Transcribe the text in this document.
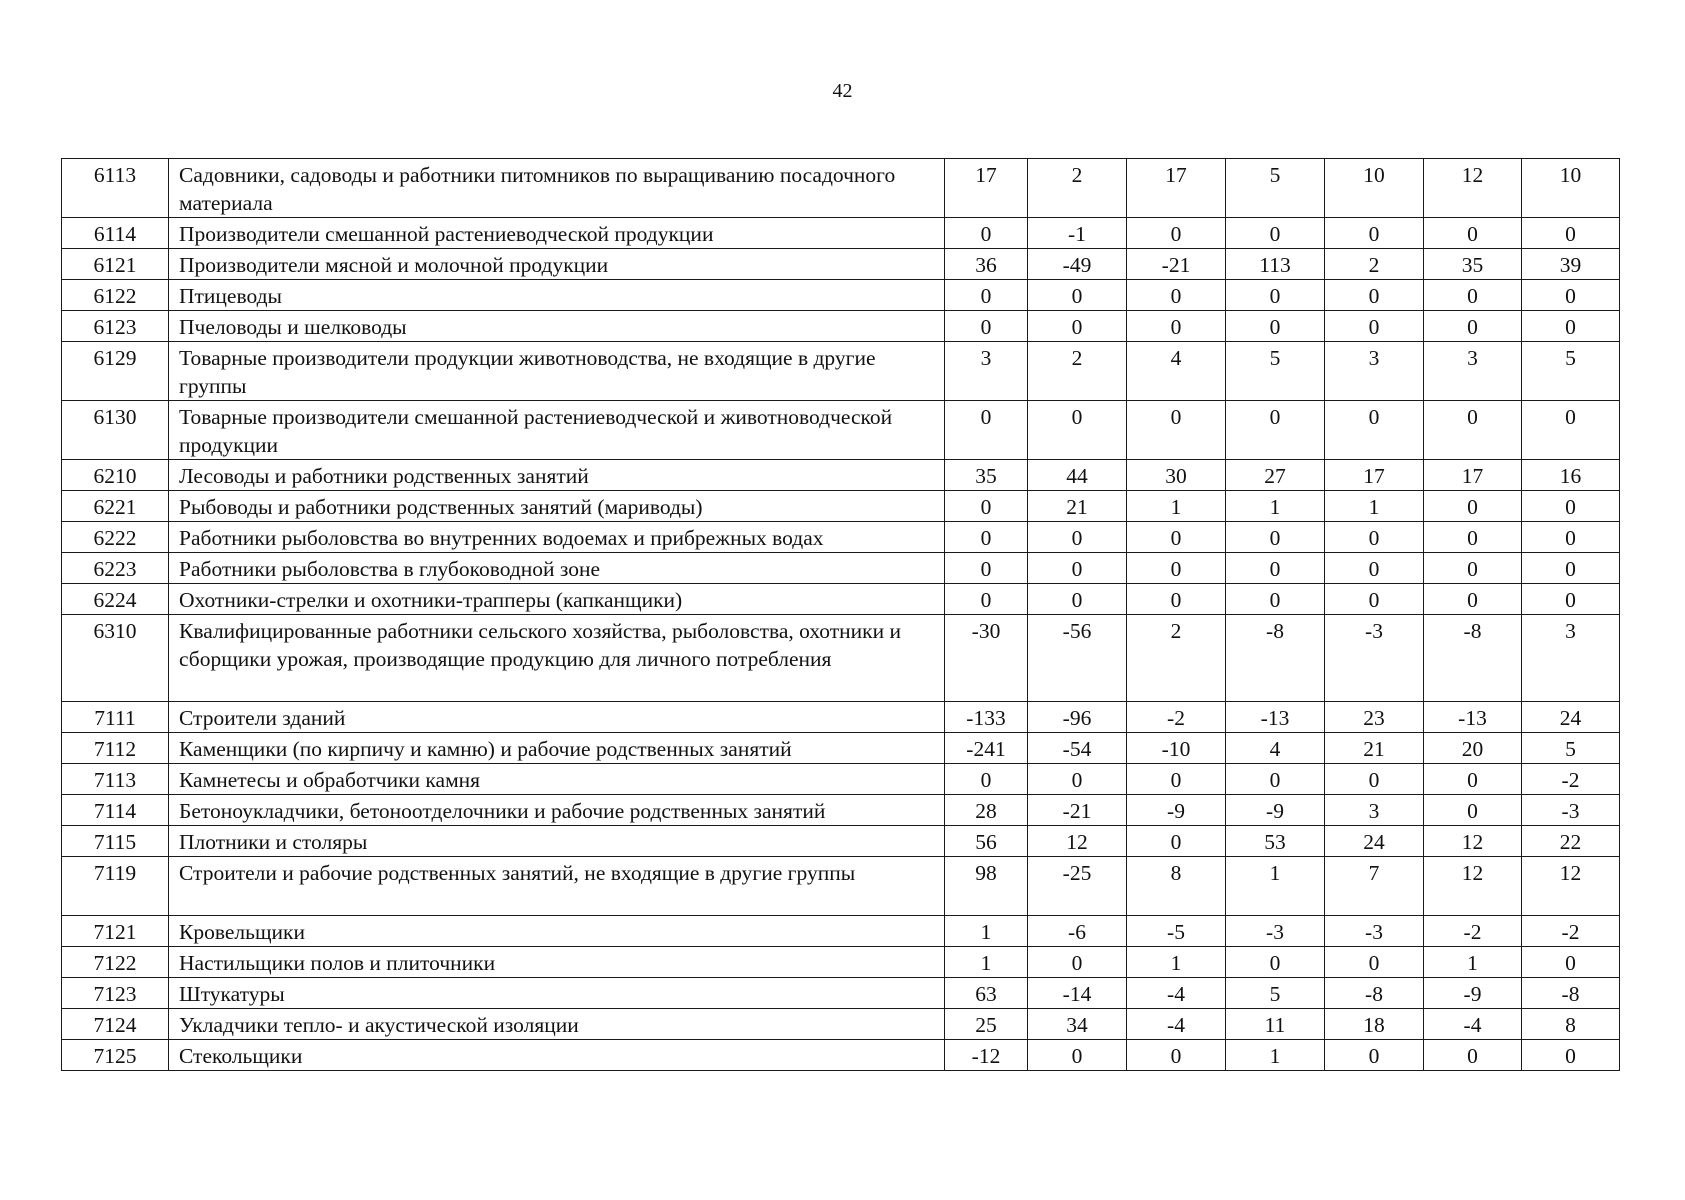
42
6113	Садовники, садоводы и работники питомников по выращиванию посадочного материала	17	2	17	5	10	12	10
6114	Производители смешанной растениеводческой продукции	0	-1	0	0	0	0	0
6121	Производители мясной и молочной продукции	36	-49	-21	113	2	35	39
6122	Птицеводы	0	0	0	0	0	0	0
6123	Пчеловоды и шелководы	0	0	0	0	0	0	0
6129	Товарные производители продукции животноводства, не входящие в другие группы	3	2	4	5	3	3	5
6130	Товарные производители смешанной растениеводческой и животноводческой продукции	0	0	0	0	0	0	0
6210	Лесоводы и работники родственных занятий	35	44	30	27	17	17	16
6221	Рыбоводы и работники родственных занятий (мариводы)	0	21	1	1	1	0	0
6222	Работники рыболовства во внутренних водоемах и прибрежных водах	0	0	0	0	0	0	0
6223	Работники рыболовства в глубоководной зоне	0	0	0	0	0	0	0
6224	Охотники-стрелки и охотники-трапперы (капканщики)	0	0	0	0	0	0	0
6310	Квалифицированные работники сельского хозяйства, рыболовства, охотники и сборщики урожая, производящие продукцию для личного потребления	-30	-56	2	-8	-3	-8	3
7111	Строители зданий	-133	-96	-2	-13	23	-13	24
7112	Каменщики (по кирпичу и камню) и рабочие родственных занятий	-241	-54	-10	4	21	20	5
7113	Камнетесы и обработчики камня	0	0	0	0	0	0	-2
7114	Бетоноукладчики, бетоноотделочники и рабочие родственных занятий	28	-21	-9	-9	3	0	-3
7115	Плотники и столяры	56	12	0	53	24	12	22
7119	Строители и рабочие родственных занятий, не входящие в другие группы	98	-25	8	1	7	12	12
7121	Кровельщики	1	-6	-5	-3	-3	-2	-2
7122	Настильщики полов и плиточники	1	0	1	0	0	1	0
7123	Штукатуры	63	-14	-4	5	-8	-9	-8
7124	Укладчики тепло- и акустической изоляции	25	34	-4	11	18	-4	8
7125	Стекольщики	-12	0	0	1	0	0	0
